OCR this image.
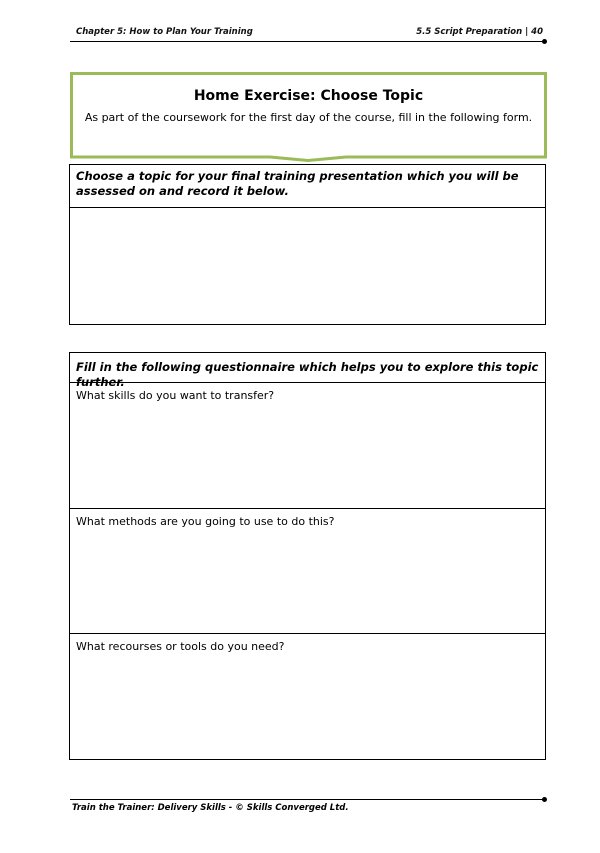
Chapter 5: How to Plan Your Training	5.5 Script Preparation | 40
Home Exercise: Choose Topic
As part of the coursework for the first day of the course, fill in the following form.
Choose a topic for your final training presentation which you will be assessed on and record it below.
Fill in the following questionnaire which helps you to explore this topic further.
What skills do you want to transfer?
What methods are you going to use to do this?
What recourses or tools do you need?
Train the Trainer: Delivery Skills - © Skills Converged Ltd.
